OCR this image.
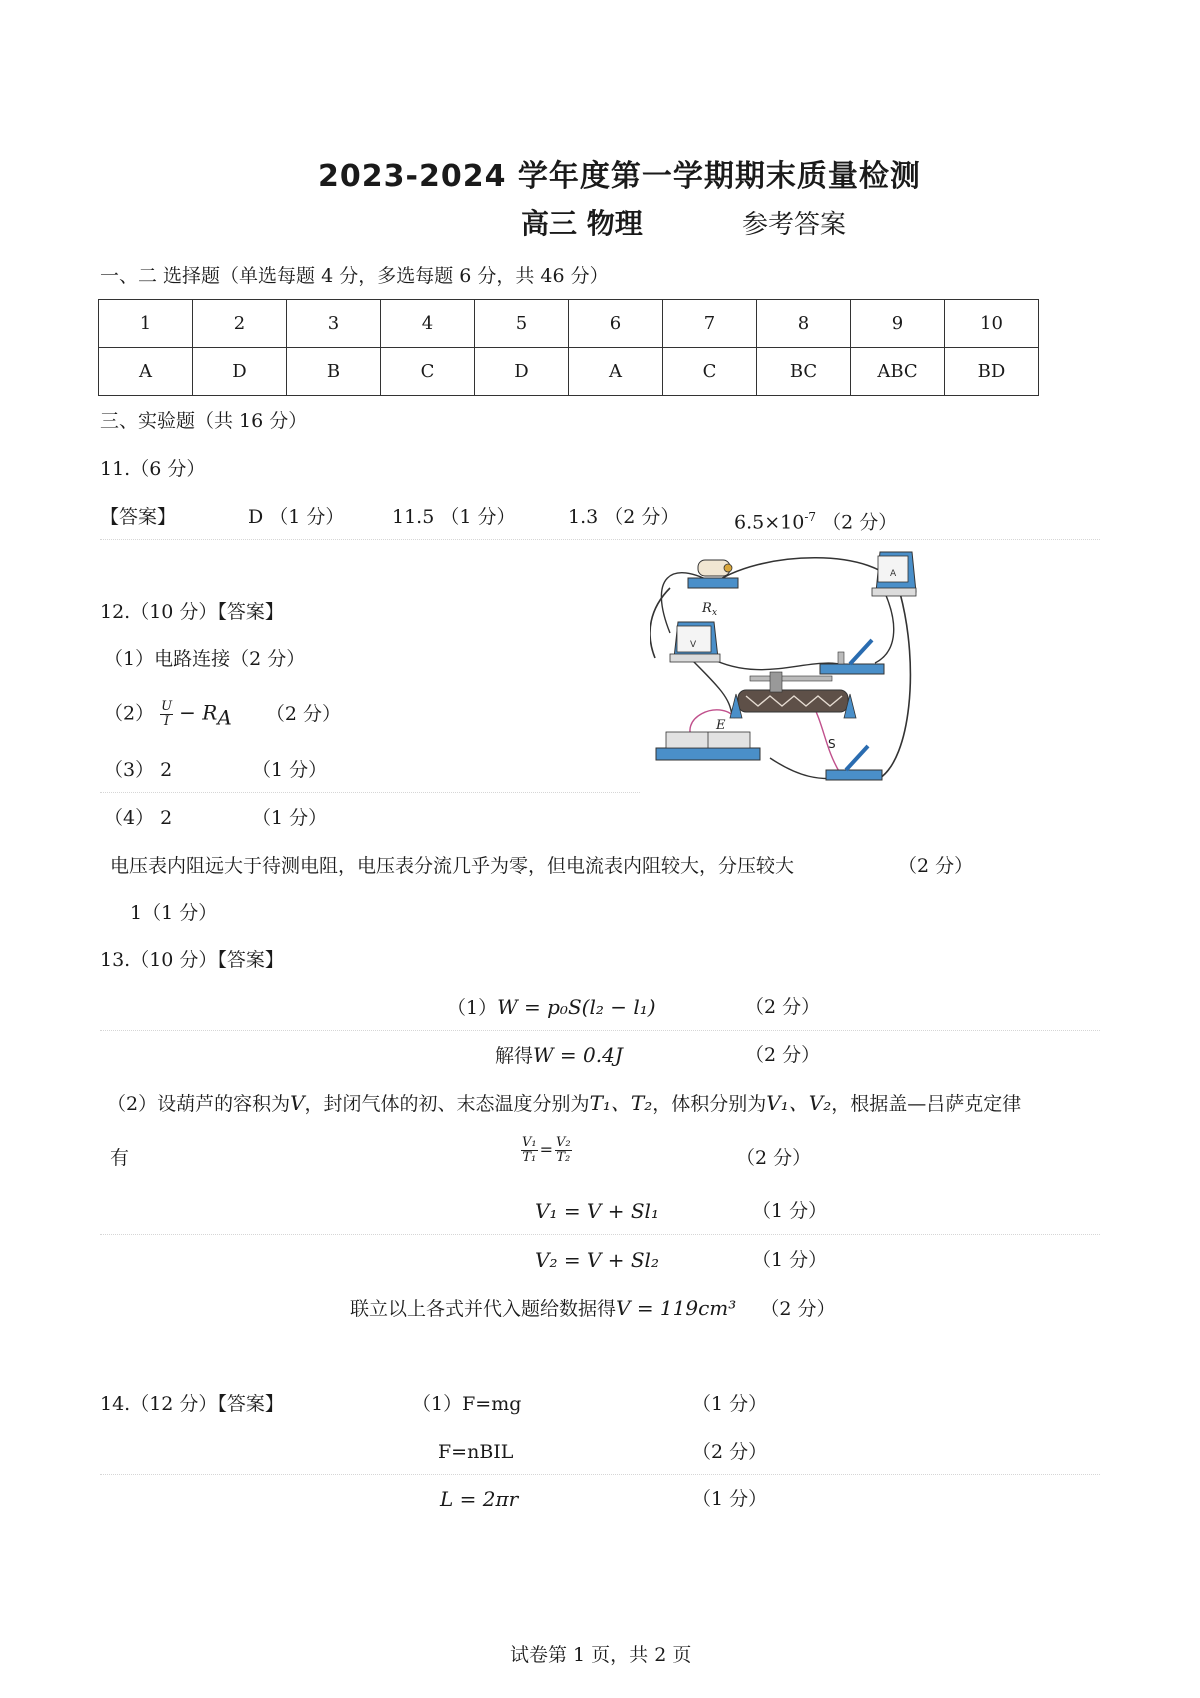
2023-2024 学年度第一学期期末质量检测
高三 物理	参考答案
一、二 选择题（单选每题 4 分，多选每题 6 分，共 46 分）
1	2	3	4	5	6	7	8	9	10
A	D	B	C	D	A	C	BC	ABC	BD
三、实验题（共 16 分）
11.（6 分）
【答案】	D （1 分）	11.5 （1 分）	1.3 （2 分）	$6.5\times 10^{-7}$ （2 分）
12.（10 分）【答案】
（1）电路连接（2 分）
$(2) \frac{U}{I} - R_A$ （2 分）
（3） 2	（1 分）
（4） 2	（1 分）
电压表内阻远大于待测电阻，电压表分流几乎为零，但电流表内阻较大，分压较大	（2 分）
1（1 分）
R x
A
V
E
S
13.（10 分）【答案】
（1）W = p₀S(l₂ − l₁)	（2 分）
解得W = 0.4J	（2 分）
（2）设葫芦的容积为V，封闭气体的初、末态温度分别为T₁、T₂，体积分别为V₁、V₂，根据盖—吕萨克定律
有	$\frac{\text{V₁}}{\text{T₁}} = \frac{\text{V₂}}{\text{T₂}}$	（2 分）
V₁ = V + Sl₁	（1 分）
V₂ = V + Sl₂	（1 分）
联立以上各式并代入题给数据得V = 119cm³ （2 分）
14.（12 分）【答案】	（1）F=mg	（1 分）
F=nBIL	（2 分）
L = 2πr	（1 分）
试卷第 1 页，共 2 页
